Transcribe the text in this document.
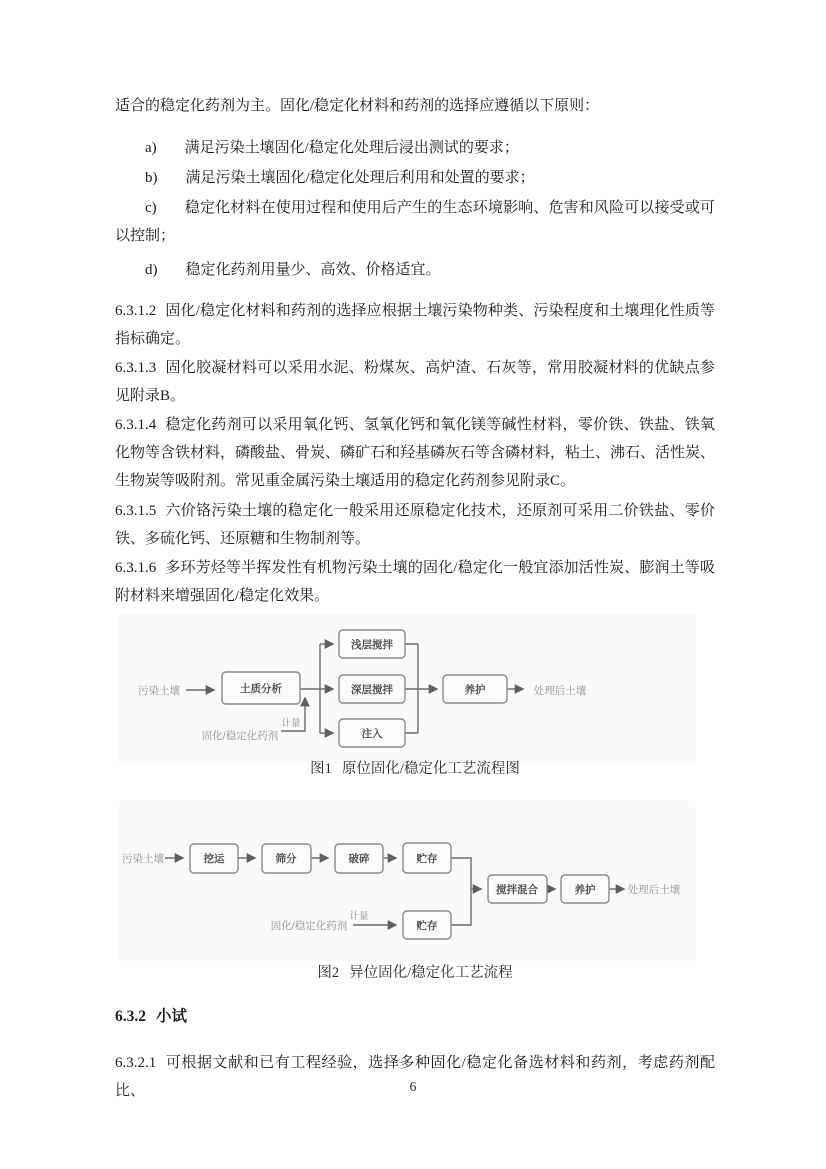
适合的稳定化药剂为主。固化/稳定化材料和药剂的选择应遵循以下原则：

a) 满足污染土壤固化/稳定化处理后浸出测试的要求；

b) 满足污染土壤固化/稳定化处理后利用和处置的要求；

c) 稳定化材料在使用过程和使用后产生的生态环境影响、危害和风险可以接受或可以控制；

d) 稳定化药剂用量少、高效、价格适宜。

6.3.1.2 固化/稳定化材料和药剂的选择应根据土壤污染物种类、污染程度和土壤理化性质等指标确定。

6.3.1.3 固化胶凝材料可以采用水泥、粉煤灰、高炉渣、石灰等，常用胶凝材料的优缺点参见附录B。

6.3.1.4 稳定化药剂可以采用氧化钙、氢氧化钙和氧化镁等碱性材料，零价铁、铁盐、铁氧化物等含铁材料，磷酸盐、骨炭、磷矿石和羟基磷灰石等含磷材料，粘土、沸石、活性炭、生物炭等吸附剂。常见重金属污染土壤适用的稳定化药剂参见附录C。

6.3.1.5 六价铬污染土壤的稳定化一般采用还原稳定化技术，还原剂可采用二价铁盐、零价铁、多硫化钙、还原糖和生物制剂等。

6.3.1.6 多环芳烃等半挥发性有机物污染土壤的固化/稳定化一般宜添加活性炭、膨润土等吸附材料来增强固化/稳定化效果。

污染土壤	土质分析
浅层搅拌
深层搅拌
注入
养护	处理后土壤
固化/稳定化药剂
计量

图1 原位固化/稳定化工艺流程图

污染土壤	挖运	筛分	破碎	贮存
搅拌混合	养护
贮存
处理后土壤
固化/稳定化药剂
计量

图2 异位固化/稳定化工艺流程

6.3.2 小试

6.3.2.1 可根据文献和已有工程经验，选择多种固化/稳定化备选材料和药剂，考虑药剂配比、	6
